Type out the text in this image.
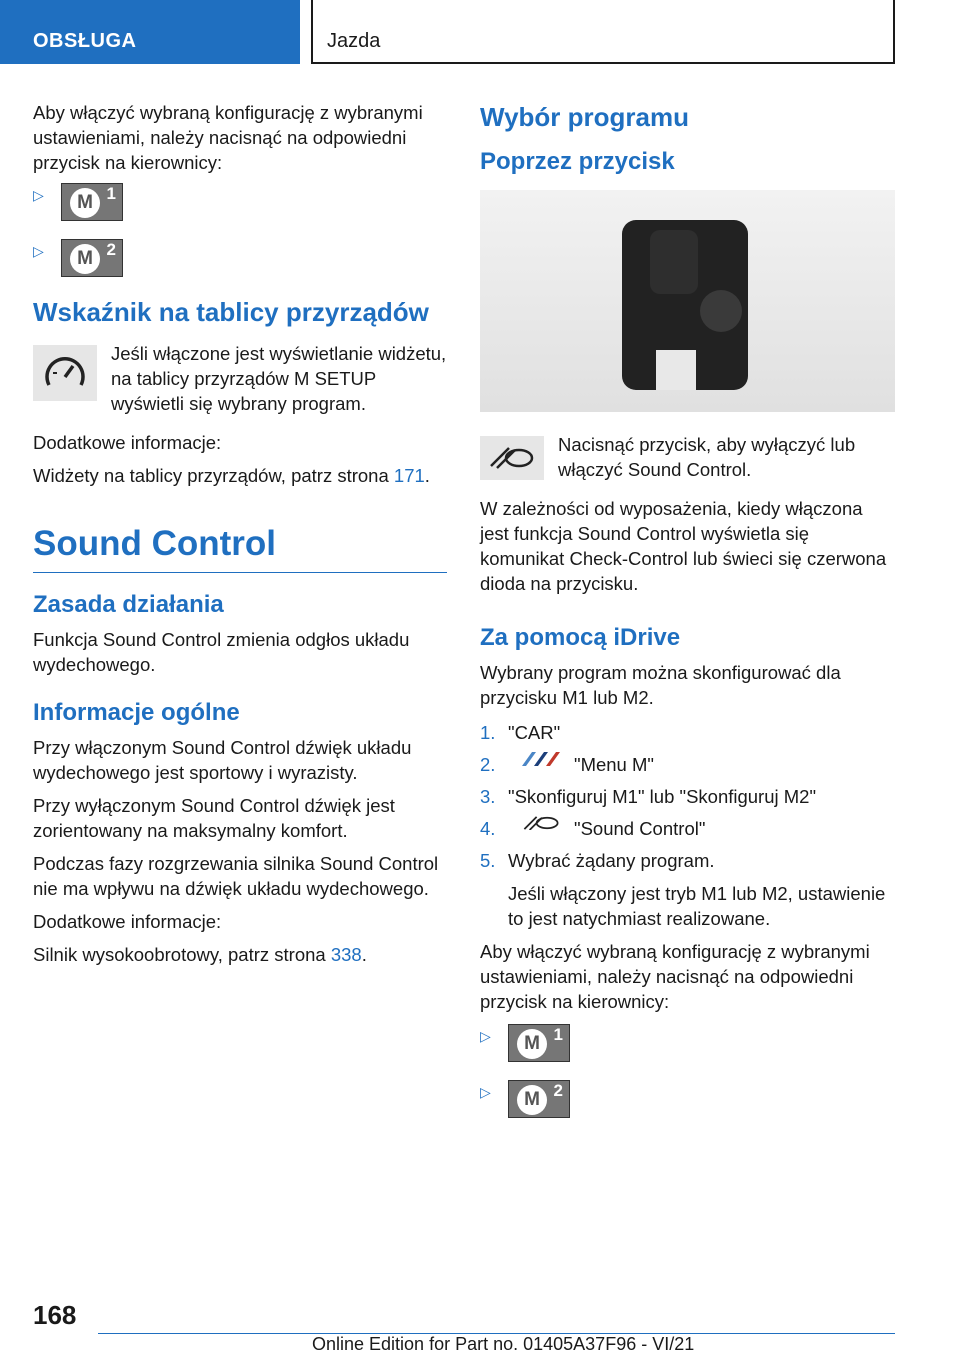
OBSŁUGA	Jazda

Aby włączyć wybraną konfigurację z wybranymi ustawieniami, należy nacisnąć na odpowiedni przycisk na kierownicy:

▷	M 1
▷	M 2
Wskaźnik na tablicy przyrządów

Jeśli włączone jest wyświetlanie widżetu, na tablicy przyrządów M SETUP wyświetli się wybrany program.

Dodatkowe informacje:

Widżety na tablicy przyrządów, patrz strona 171.

Sound Control
Zasada działania

Funkcja Sound Control zmienia odgłos układu wydechowego.

Informacje ogólne

Przy włączonym Sound Control dźwięk układu wydechowego jest sportowy i wyrazisty.

Przy wyłączonym Sound Control dźwięk jest zorientowany na maksymalny komfort.

Podczas fazy rozgrzewania silnika Sound Control nie ma wpływu na dźwięk układu wydechowego.

Dodatkowe informacje:

Silnik wysokoobrotowy, patrz strona 338.

Wybór programu
Poprzez przycisk

Nacisnąć przycisk, aby wyłączyć lub włączyć Sound Control.

W zależności od wyposażenia, kiedy włączona jest funkcja Sound Control wyświetla się komunikat Check-Control lub świeci się czerwona dioda na przycisku.

Za pomocą iDrive

Wybrany program można skonfigurować dla przycisku M1 lub M2.

1. "CAR"
2.	"Menu M"
3. "Skonfiguruj M1" lub "Skonfiguruj M2"
4.	"Sound Control"
5. Wybrać żądany program.

Jeśli włączony jest tryb M1 lub M2, ustawienie to jest natychmiast realizowane.

Aby włączyć wybraną konfigurację z wybranymi ustawieniami, należy nacisnąć na odpowiedni przycisk na kierownicy:

▷	M 1
▷	M 2
168
Online Edition for Part no. 01405A37F96 - VI/21
